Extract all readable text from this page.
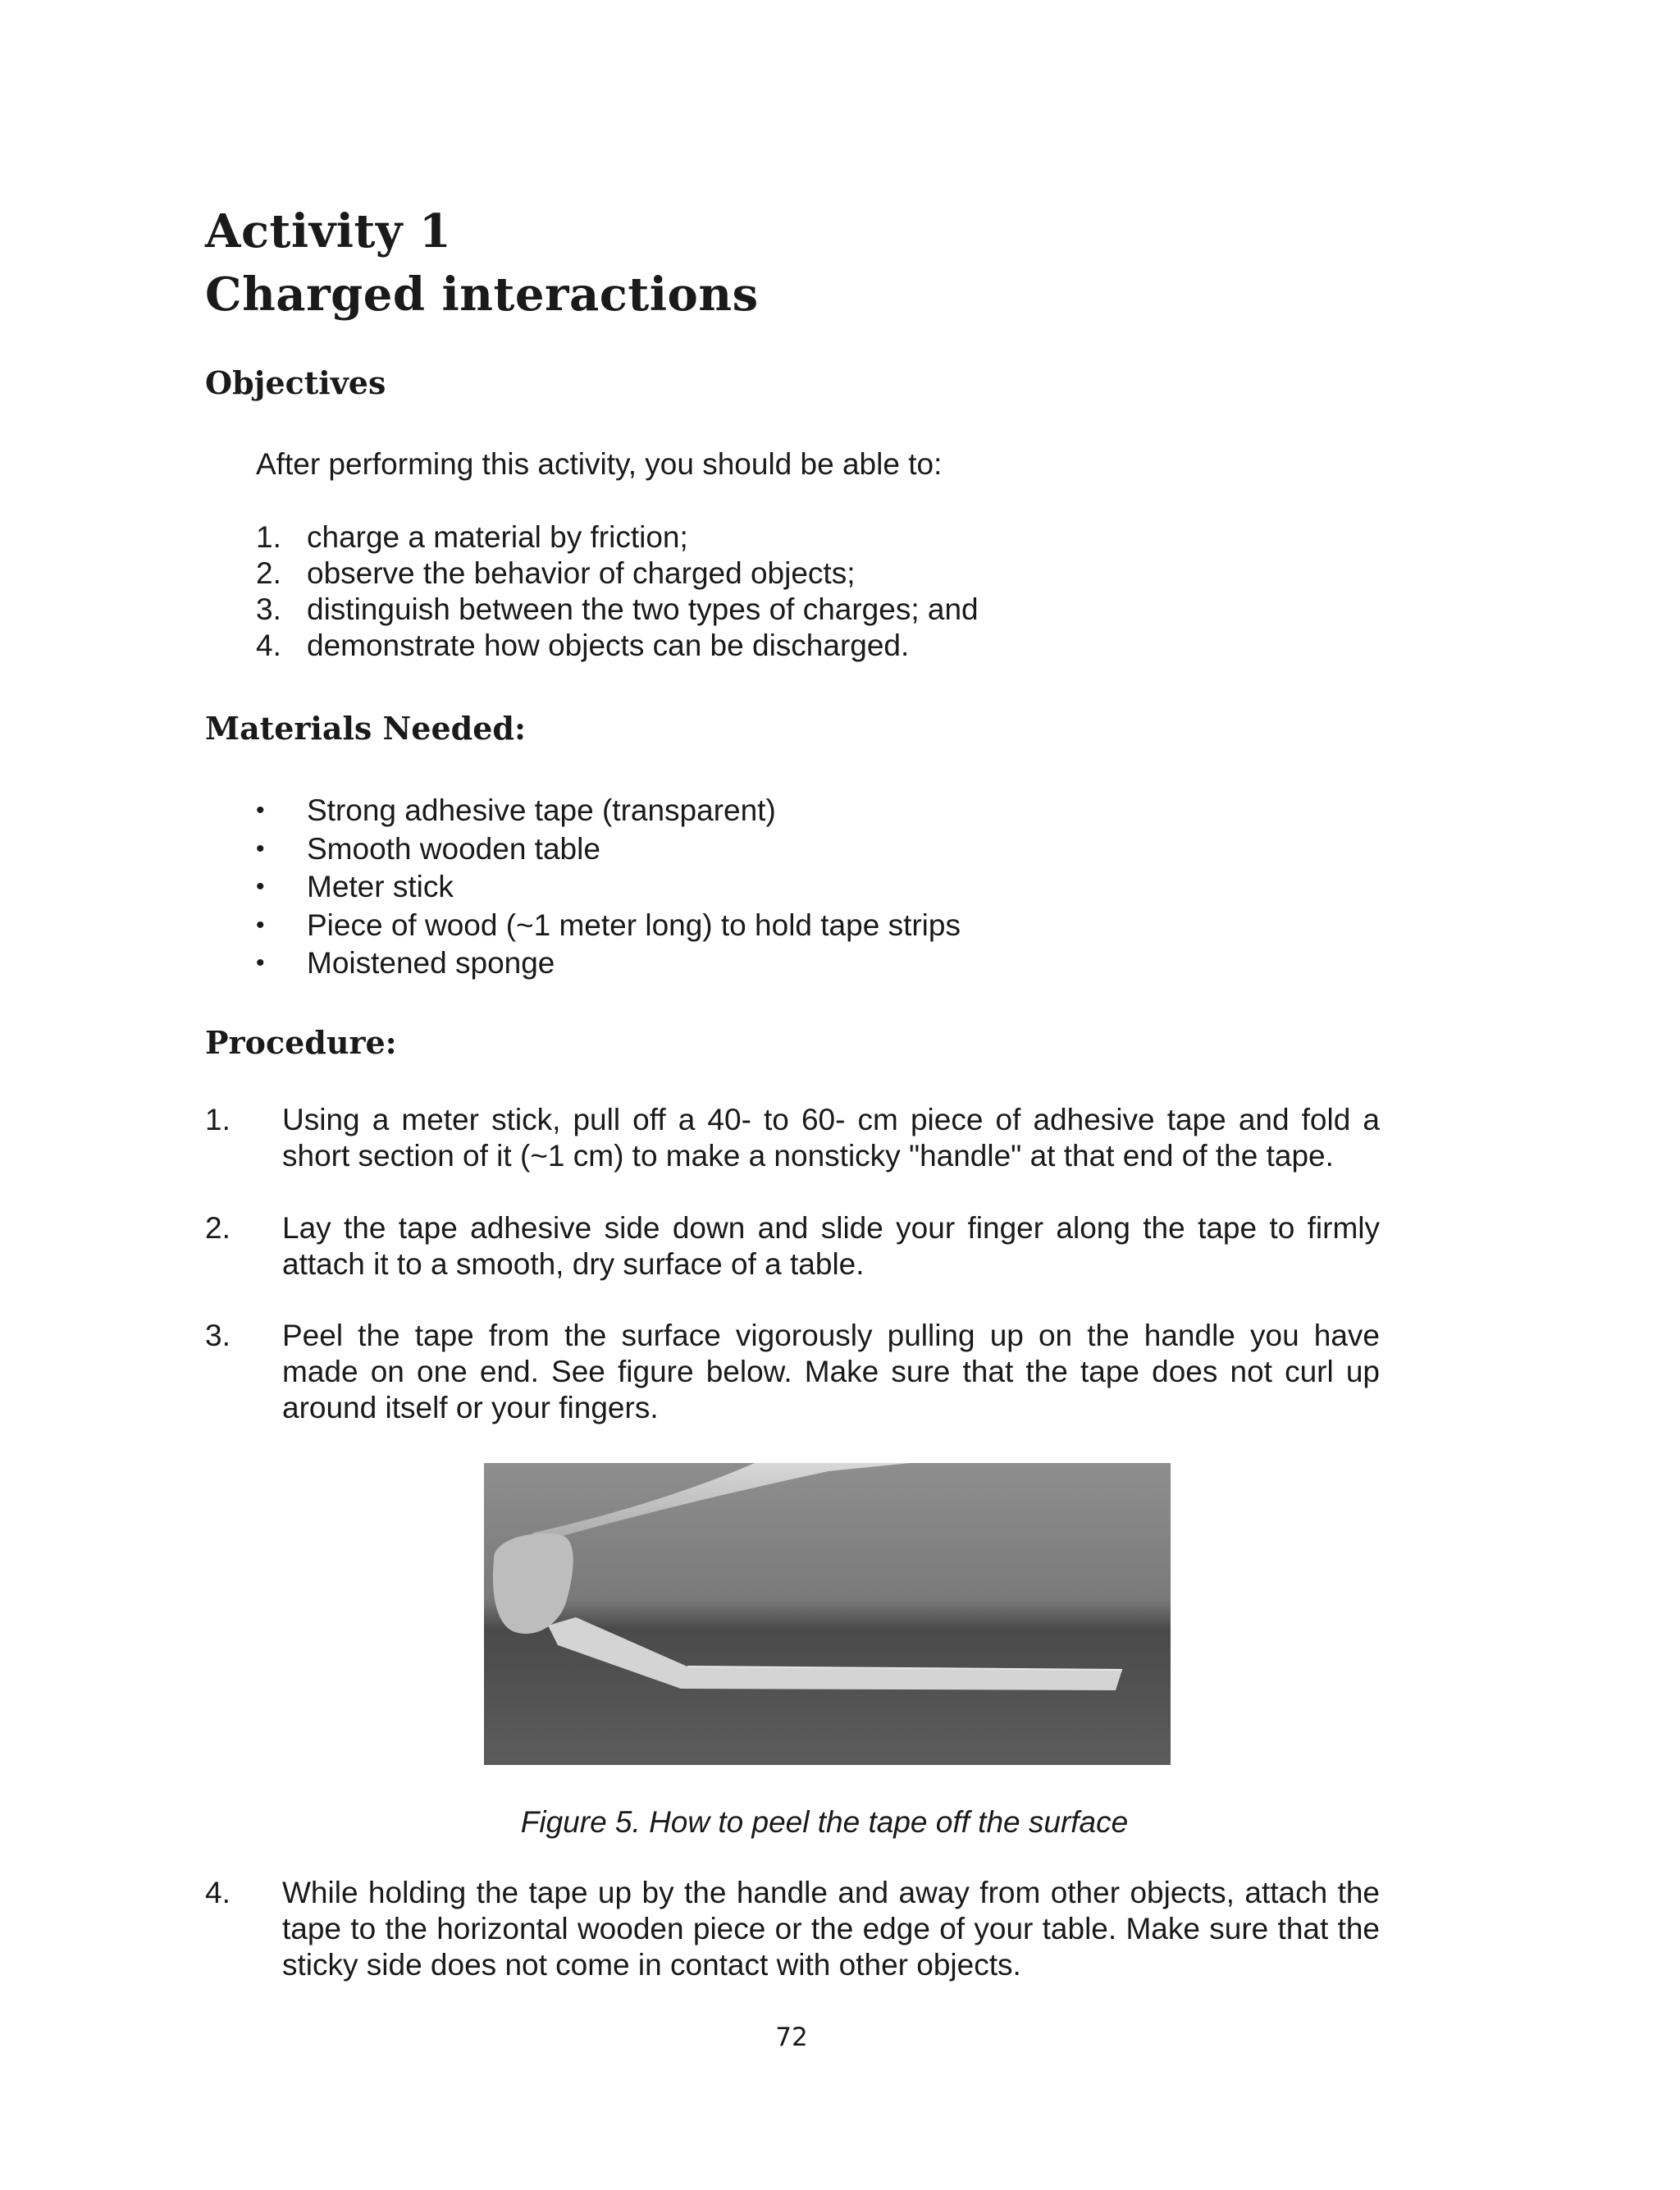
Activity 1
Charged interactions
Objectives

After performing this activity, you should be able to:

1. charge a material by friction;
2. observe the behavior of charged objects;
3. distinguish between the two types of charges; and
4. demonstrate how objects can be discharged.
Materials Needed:
• Strong adhesive tape (transparent)
• Smooth wooden table
• Meter stick
• Piece of wood (~1 meter long) to hold tape strips
• Moistened sponge
Procedure:
1. Using a meter stick, pull off a 40- to 60- cm piece of adhesive tape and fold a short section of it (~1 cm) to make a nonsticky "handle" at that end of the tape.
2. Lay the tape adhesive side down and slide your finger along the tape to firmly attach it to a smooth, dry surface of a table.
3. Peel the tape from the surface vigorously pulling up on the handle you have made on one end. See figure below. Make sure that the tape does not curl up around itself or your fingers.

Figure 5. How to peel the tape off the surface

4. While holding the tape up by the handle and away from other objects, attach the tape to the horizontal wooden piece or the edge of your table. Make sure that the sticky side does not come in contact with other objects.

72
